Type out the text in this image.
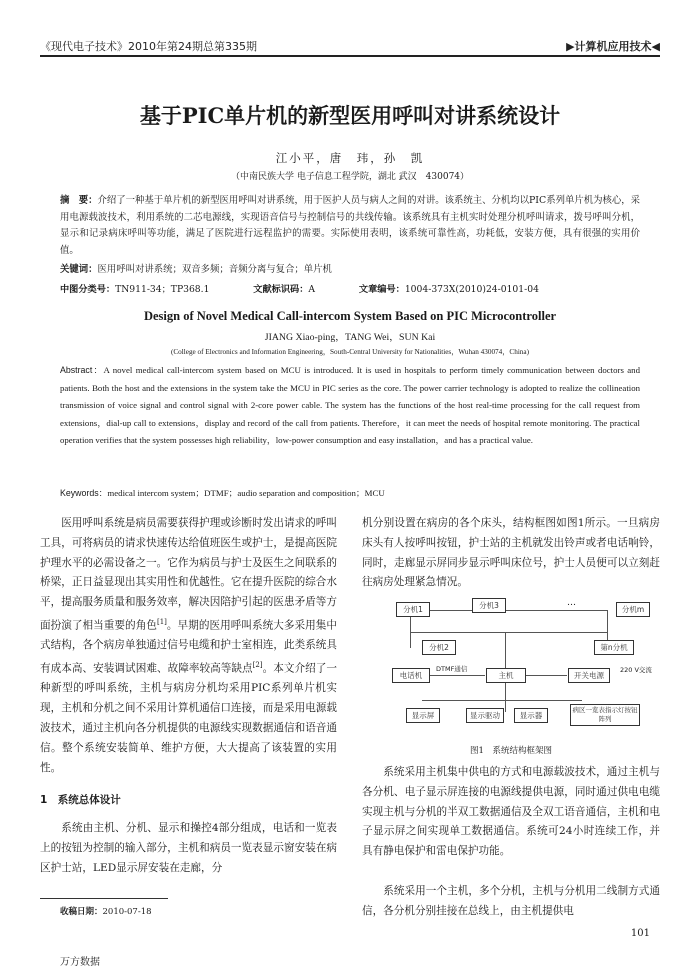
《现代电子技术》2010年第24期总第335期	▶计算机应用技术◀
基于PIC单片机的新型医用呼叫对讲系统设计
江小平，唐　玮，孙　凯
（中南民族大学 电子信息工程学院，湖北 武汉　430074）
摘　要：介绍了一种基于单片机的新型医用呼叫对讲系统，用于医护人员与病人之间的对讲。该系统主、分机均以PIC系列单片机为核心，采用电源载波技术，利用系统的二芯电源线，实现语音信号与控制信号的共线传输。该系统具有主机实时处理分机呼叫请求，拨号呼叫分机，显示和记录病床呼叫等功能，满足了医院进行远程监护的需要。实际使用表明，该系统可靠性高，功耗低，安装方便，具有很强的实用价值。
关键词：医用呼叫对讲系统；双音多频；音频分离与复合；单片机
中图分类号：TN911-34；TP368.1	文献标识码：A	文章编号：1004-373X(2010)24-0101-04
Design of Novel Medical Call-intercom System Based on PIC Microcontroller
JIANG Xiao-ping，TANG Wei，SUN Kai
(College of Electronics and Information Engineering，South-Central University for Nationalities，Wuhan 430074，China)
Abstract：A novel medical call-intercom system based on MCU is introduced. It is used in hospitals to perform timely communication between doctors and patients. Both the host and the extensions in the system take the MCU in PIC series as the core. The power carrier technology is adopted to realize the collineation transmission of voice signal and control signal with 2-core power cable. The system has the functions of the host real-time processing for the call request from extensions，dial-up call to extensions，display and record of the call from patients. Therefore，it can meet the needs of hospital remote monitoring. The practical operation verifies that the system possesses high reliability，low-power consumption and easy installation，and has a practical value.
Keywords：medical intercom system；DTMF；audio separation and composition；MCU
医用呼叫系统是病员需要获得护理或诊断时发出请求的呼叫工具，可将病员的请求快速传达给值班医生或护士，是提高医院护理水平的必需设备之一。它作为病员与护士及医生之间联系的桥梁，正日益显现出其实用性和优越性。它在提升医院的综合水平，提高服务质量和服务效率，解决因陪护引起的医患矛盾等方面扮演了相当重要的角色[1]。早期的医用呼叫系统大多采用集中式结构，各个病房单独通过信号电缆和护士室相连，此类系统具有成本高、安装调试困难、故障率较高等缺点[2]。本文介绍了一种新型的呼叫系统，主机与病房分机均采用PIC系列单片机实现，主机和分机之间不采用计算机通信口连接，而是采用电源载波技术，通过主机向各分机提供的电源线实现数据通信和语音通信。整个系统安装简单、维护方便，大大提高了该装置的实用性。
1　系统总体设计
系统由主机、分机、显示和操控4部分组成，电话和一览表上的按钮为控制的输入部分，主机和病员一览表显示窗安装在病区护士站，LED显示屏安装在走廊，分
收稿日期：2010-07-18
机分别设置在病房的各个床头，结构框图如图1所示。一旦病房床头有人按呼叫按钮，护士站的主机就发出铃声或者电话响铃，同时，走廊显示屏同步显示呼叫床位号，护士人员便可以立刻赶往病房处理紧急情况。
分机1	分机3	…
分机m
分机2	第n分机
电话机
DTMF通信
主机	开关电源
220 V交流
显示屏	显示驱动	显示器
病区一览表指示灯按钮阵列
图1　系统结构框架图
系统采用主机集中供电的方式和电源载波技术，通过主机与各分机、电子显示屏连接的电源线提供电源，同时通过供电电缆实现主机与分机的半双工数据通信及全双工语音通信，主机和电子显示屏之间实现单工数据通信。系统可24小时连续工作，并具有静电保护和雷电保护功能。
系统采用一个主机，多个分机，主机与分机用二线制方式通信，各分机分别挂接在总线上，由主机提供电
101
万方数据
